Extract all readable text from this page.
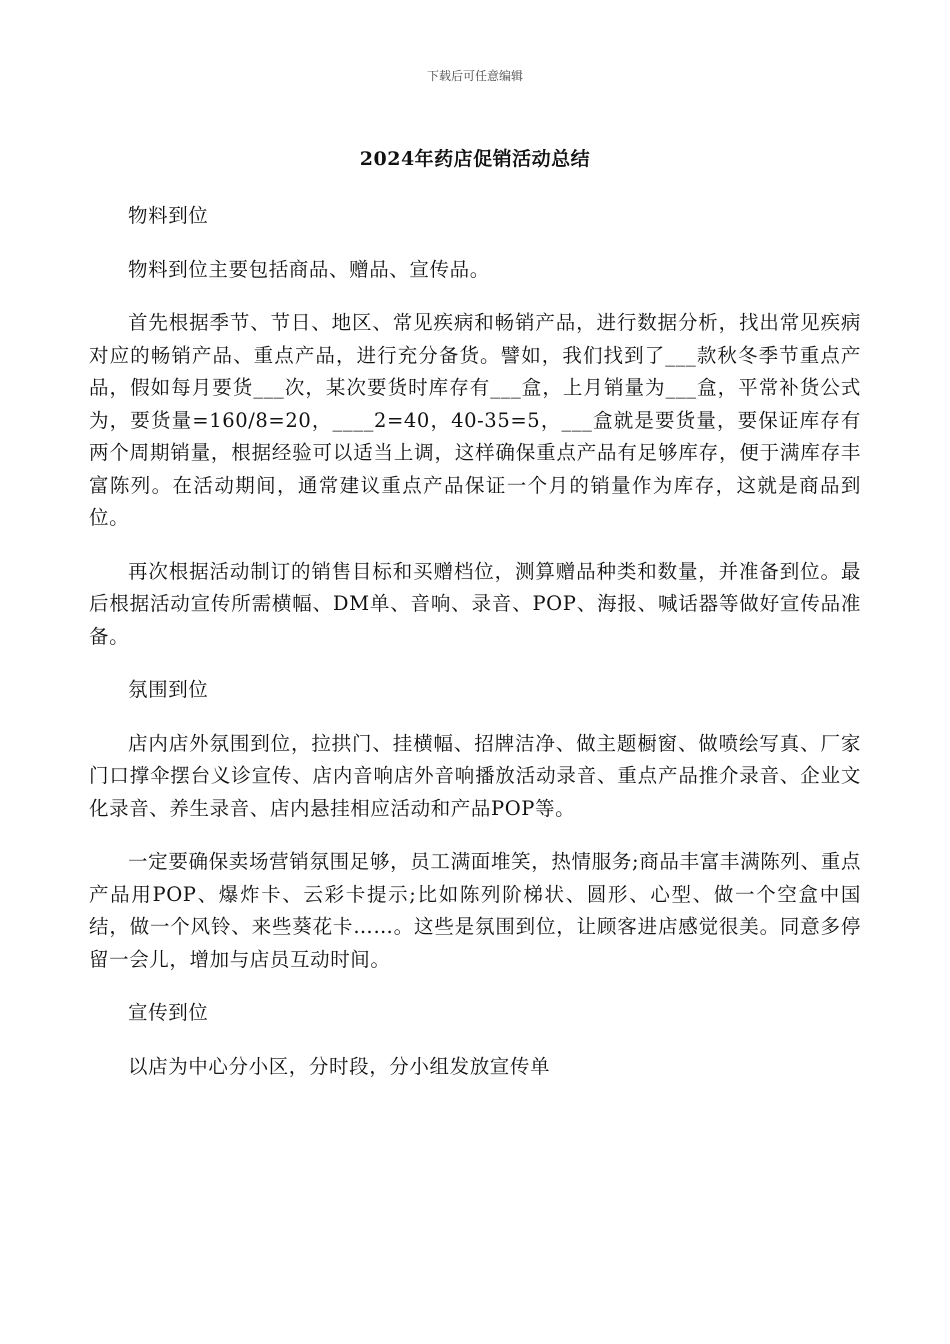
下载后可任意编辑
2024年药店促销活动总结

物料到位

物料到位主要包括商品、赠品、宣传品。

首先根据季节、节日、地区、常见疾病和畅销产品，进行数据分析，找出常见疾病对应的畅销产品、重点产品，进行充分备货。譬如，我们找到了___款秋冬季节重点产品，假如每月要货___次，某次要货时库存有___盒，上月销量为___盒，平常补货公式为，要货量=160/8=20，____2=40，40-35=5，___盒就是要货量，要保证库存有两个周期销量，根据经验可以适当上调，这样确保重点产品有足够库存，便于满库存丰富陈列。在活动期间，通常建议重点产品保证一个月的销量作为库存，这就是商品到位。

再次根据活动制订的销售目标和买赠档位，测算赠品种类和数量，并准备到位。最后根据活动宣传所需横幅、DM单、音响、录音、POP、海报、喊话器等做好宣传品准备。

氛围到位

店内店外氛围到位，拉拱门、挂横幅、招牌洁净、做主题橱窗、做喷绘写真、厂家门口撑伞摆台义诊宣传、店内音响店外音响播放活动录音、重点产品推介录音、企业文化录音、养生录音、店内悬挂相应活动和产品POP等。

一定要确保卖场营销氛围足够，员工满面堆笑，热情服务;商品丰富丰满陈列、重点产品用POP、爆炸卡、云彩卡提示;比如陈列阶梯状、圆形、心型、做一个空盒中国结，做一个风铃、来些葵花卡……。这些是氛围到位，让顾客进店感觉很美。同意多停留一会儿，增加与店员互动时间。

宣传到位

以店为中心分小区，分时段，分小组发放宣传单
